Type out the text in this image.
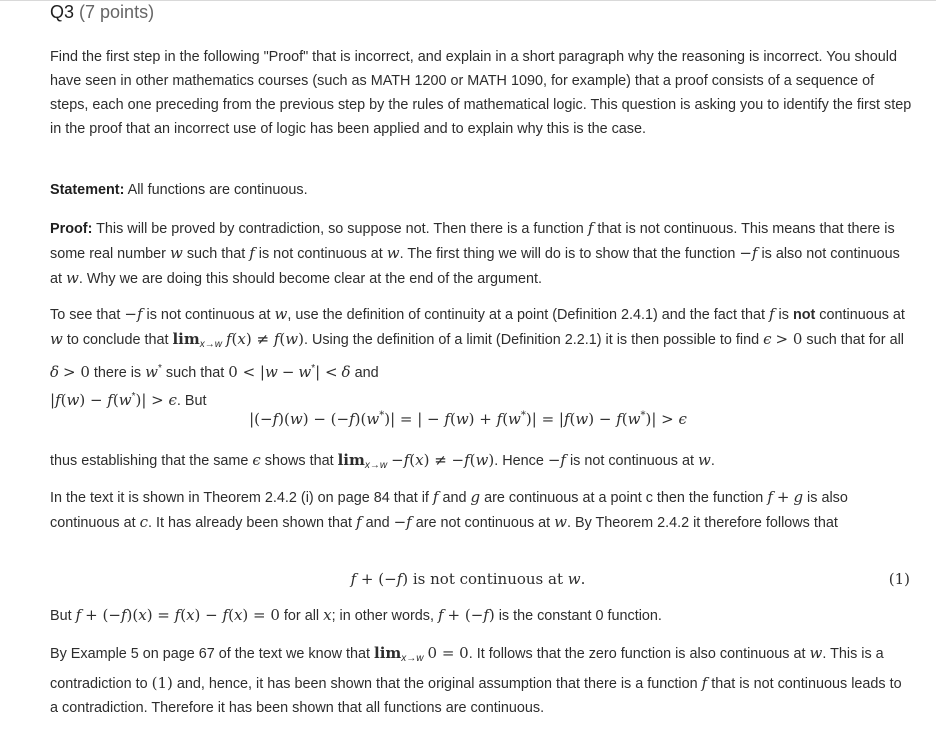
Q3 (7 points)
Find the first step in the following "Proof" that is incorrect, and explain in a short paragraph why the reasoning is incorrect. You should have seen in other mathematics courses (such as MATH 1200 or MATH 1090, for example) that a proof consists of a sequence of steps, each one preceding from the previous step by the rules of mathematical logic. This question is asking you to identify the first step in the proof that an incorrect use of logic has been applied and to explain why this is the case.
Statement: All functions are continuous.
Proof: This will be proved by contradiction, so suppose not. Then there is a function f that is not continuous. This means that there is some real number w such that f is not continuous at w. The first thing we will do is to show that the function −f is also not continuous at w. Why we are doing this should become clear at the end of the argument.
To see that −f is not continuous at w, use the definition of continuity at a point (Definition 2.4.1) and the fact that f is not continuous at w to conclude that $\lim_{x\to w} f(x) \ne f(w)$. Using the definition of a limit (Definition 2.2.1) it is then possible to find ϵ > 0 such that for all δ > 0 there is w* such that 0 < |w − w*| < δ and
|f(w) − f(w*)| > ϵ. But
|(−f)(w) − (−f)(w*)| = | − f(w) + f(w*)| = |f(w) − f(w*)| > ϵ
thus establishing that the same ϵ shows that $\lim_{x\to w} -f(x) \ne -f(w)$. Hence −f is not continuous at w.
In the text it is shown in Theorem 2.4.2 (i) on page 84 that if f and g are continuous at a point c then the function f + g is also continuous at c. It has already been shown that f and −f are not continuous at w. By Theorem 2.4.2 it therefore follows that
f + (−f) is not continuous at w.	(1)
But f + (−f)(x) = f(x) − f(x) = 0 for all x; in other words, f + (−f) is the constant 0 function.
By Example 5 on page 67 of the text we know that $\lim_{x\to w} 0 = 0$. It follows that the zero function is also continuous at w. This is a contradiction to (1) and, hence, it has been shown that the original assumption that there is a function f that is not continuous leads to a contradiction. Therefore it has been shown that all functions are continuous.
